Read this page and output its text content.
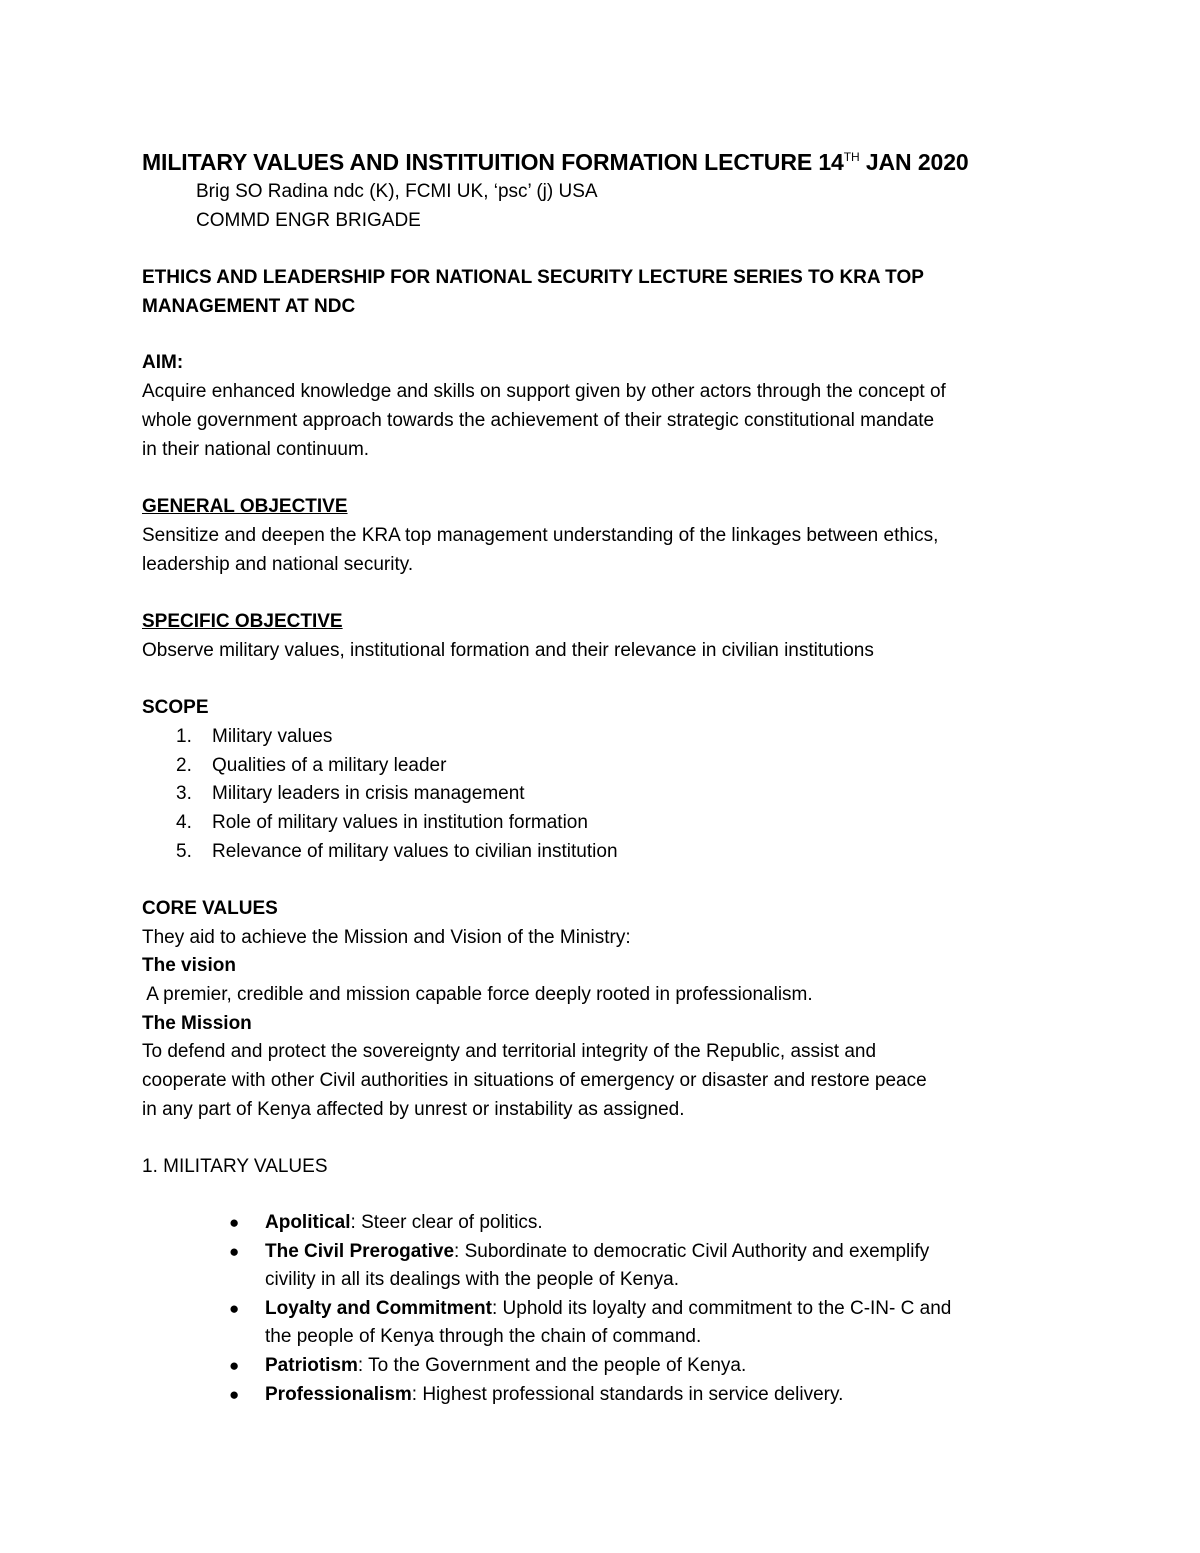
MILITARY VALUES AND INSTITUITION FORMATION LECTURE 14TH JAN 2020
Brig SO Radina ndc (K), FCMI UK, ‘psc’ (j) USA
COMMD ENGR BRIGADE
ETHICS AND LEADERSHIP FOR NATIONAL SECURITY LECTURE SERIES TO KRA TOP
MANAGEMENT AT NDC
AIM:
Acquire enhanced knowledge and skills on support given by other actors through the concept of
whole government approach towards the achievement of their strategic constitutional mandate
in their national continuum.
GENERAL OBJECTIVE
Sensitize and deepen the KRA top management understanding of the linkages between ethics,
leadership and national security.
SPECIFIC OBJECTIVE
Observe military values, institutional formation and their relevance in civilian institutions
SCOPE
1. Military values
2. Qualities of a military leader
3. Military leaders in crisis management
4. Role of military values in institution formation
5. Relevance of military values to civilian institution
CORE VALUES
They aid to achieve the Mission and Vision of the Ministry:
The vision
A premier, credible and mission capable force deeply rooted in professionalism.
The Mission
To defend and protect the sovereignty and territorial integrity of the Republic, assist and
cooperate with other Civil authorities in situations of emergency or disaster and restore peace
in any part of Kenya affected by unrest or instability as assigned.
1. MILITARY VALUES
● Apolitical: Steer clear of politics.
● The Civil Prerogative: Subordinate to democratic Civil Authority and exemplify
civility in all its dealings with the people of Kenya.
● Loyalty and Commitment: Uphold its loyalty and commitment to the C-IN- C and
the people of Kenya through the chain of command.
● Patriotism: To the Government and the people of Kenya.
● Professionalism: Highest professional standards in service delivery.
